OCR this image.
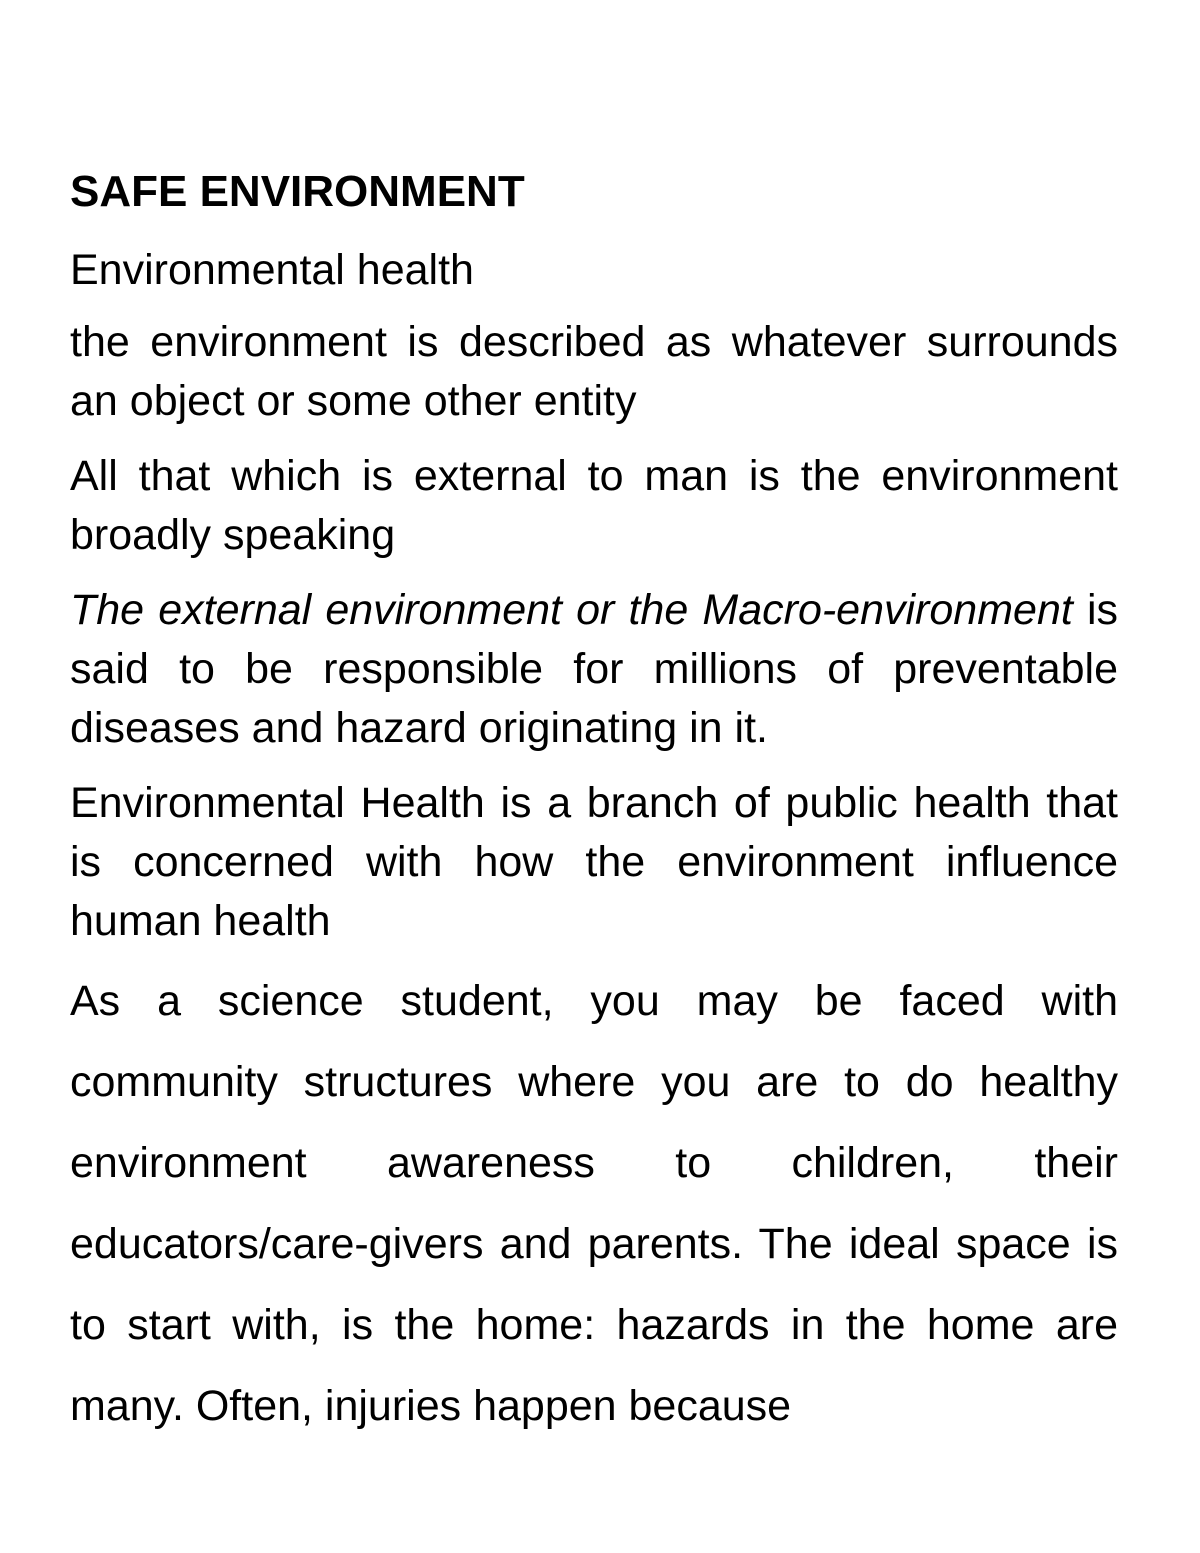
SAFE ENVIRONMENT
Environmental health

the environment is described as whatever surrounds an object or some other entity

All that which is external to man is the environment broadly speaking

The external environment or the Macro-environment is said to be responsible for millions of preventable diseases and hazard originating in it.

Environmental Health is a branch of public health that is concerned with how the environment influence human health

As a science student, you may be faced with community structures where you are to do healthy environment awareness to children, their educators/care-givers and parents. The ideal space is to start with, is the home: hazards in the home are many. Often, injuries happen because
